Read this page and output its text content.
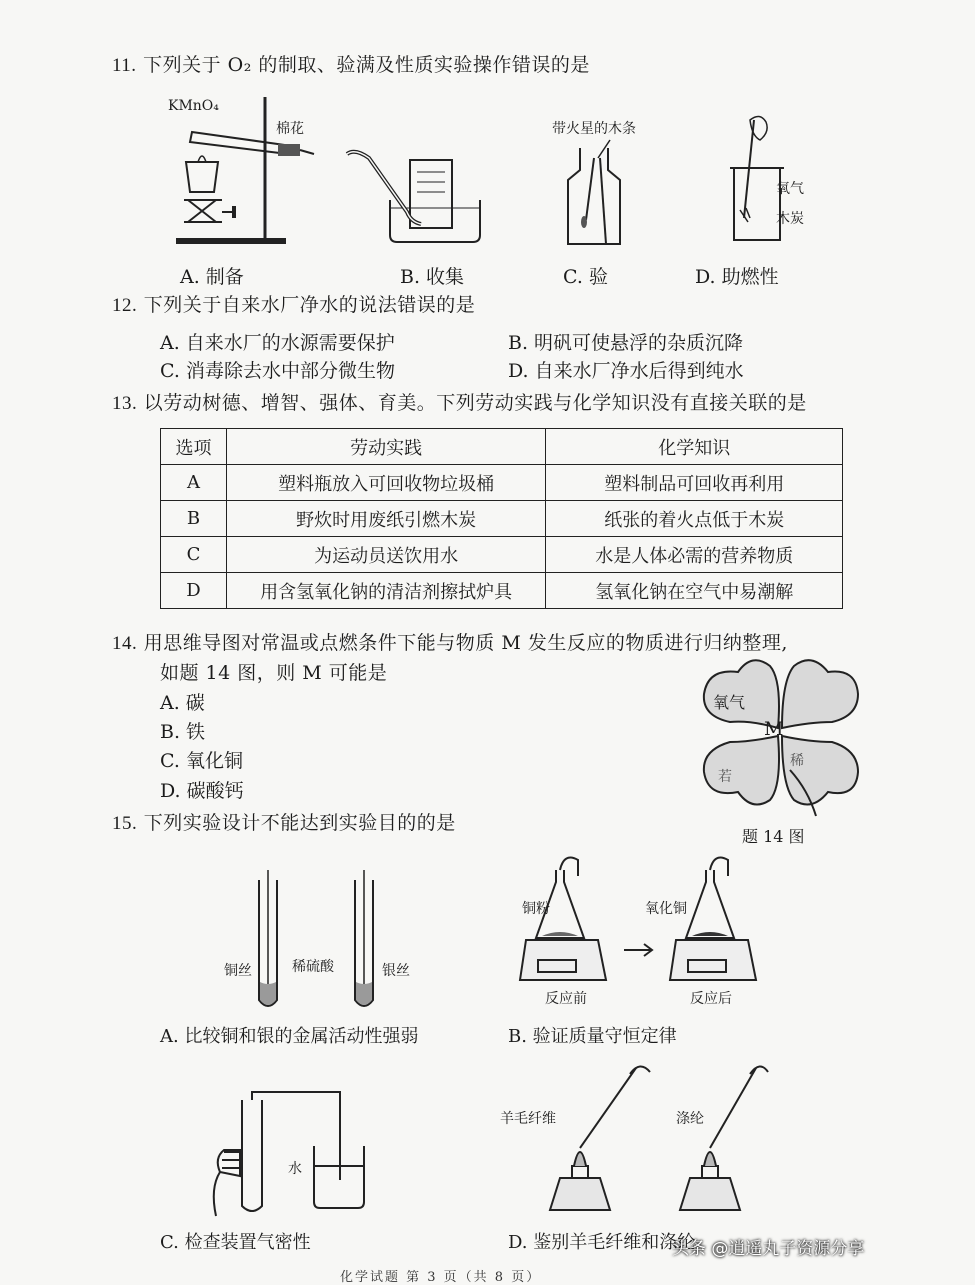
11. 下列关于 O₂ 的制取、验满及性质实验操作错误的是
KMnO₄
棉花	带火星的木条
氧气
木炭
A. 制备	B. 收集	C. 验	D. 助燃性
12. 下列关于自来水厂净水的说法错误的是
A. 自来水厂的水源需要保护	B. 明矾可使悬浮的杂质沉降
C. 消毒除去水中部分微生物	D. 自来水厂净水后得到纯水
13. 以劳动树德、增智、强体、育美。下列劳动实践与化学知识没有直接关联的是
选项	劳动实践	化学知识
A	塑料瓶放入可回收物垃圾桶	塑料制品可回收再利用
B	野炊时用废纸引燃木炭	纸张的着火点低于木炭
C	为运动员送饮用水	水是人体必需的营养物质
D	用含氢氧化钠的清洁剂擦拭炉具	氢氧化钠在空气中易潮解
14. 用思维导图对常温或点燃条件下能与物质 M 发生反应的物质进行归纳整理,
如题 14 图，则 M 可能是
A. 碳
B. 铁
C. 氧化铜
D. 碳酸钙
氧气
M
稀
若
题 14 图
15. 下列实验设计不能达到实验目的的是
铜丝	稀硫酸	银丝
铜粉	氧化铜
反应前	反应后
A. 比较铜和银的金属活动性强弱	B. 验证质量守恒定律
水
羊毛纤维	涤纶
C. 检查装置气密性	D. 鉴别羊毛纤维和涤纶
头条 @逍遥丸子资源分享
化学试题 第 3 页（共 8 页）
